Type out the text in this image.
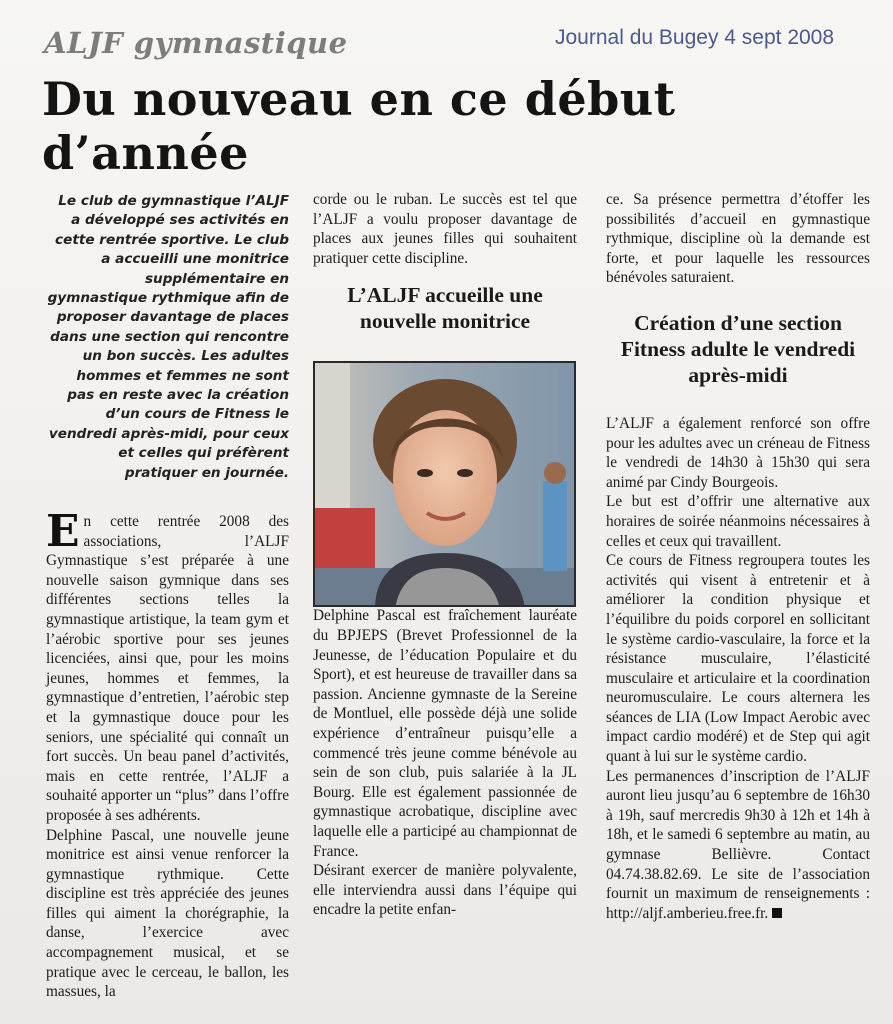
ALJF gymnastique	Journal du Bugey 4 sept 2008
Du nouveau en ce début d’année
Le club de gymnastique l’ALJF a développé ses activités en cette rentrée sportive. Le club a accueilli une monitrice supplémentaire en gymnastique rythmique afin de proposer davantage de places dans une section qui rencontre un bon succès. Les adultes hommes et femmes ne sont pas en reste avec la création d’un cours de Fitness le vendredi après-midi, pour ceux et celles qui préfèrent pratiquer en journée.

En cette rentrée 2008 des associations, l’ALJF Gymnastique s’est préparée à une nouvelle saison gymnique dans ses différentes sections telles la gymnastique artistique, la team gym et l’aérobic sportive pour ses jeunes licenciées, ainsi que, pour les moins jeunes, hommes et femmes, la gymnastique d’entretien, l’aérobic step et la gymnastique douce pour les seniors, une spécialité qui connaît un fort succès. Un beau panel d’activités, mais en cette rentrée, l’ALJF a souhaité apporter un “plus” dans l’offre proposée à ses adhérents.

Delphine Pascal, une nouvelle jeune monitrice est ainsi venue renforcer la gymnastique rythmique. Cette discipline est très appréciée des jeunes filles qui aiment la chorégraphie, la danse, l’exercice avec accompagnement musical, et se pratique avec le cerceau, le ballon, les massues, la

corde ou le ruban. Le succès est tel que l’ALJF a voulu proposer davantage de places aux jeunes filles qui souhaitent pratiquer cette discipline.

L’ALJF accueille une nouvelle monitrice

Delphine Pascal est fraîchement lauréate du BPJEPS (Brevet Professionnel de la Jeunesse, de l’éducation Populaire et du Sport), et est heureuse de travailler dans sa passion. Ancienne gymnaste de la Sereine de Montluel, elle possède déjà une solide expérience d’entraîneur puisqu’elle a commencé très jeune comme bénévole au sein de son club, puis salariée à la JL Bourg. Elle est également passionnée de gymnastique acrobatique, discipline avec laquelle elle a participé au championnat de France.

Désirant exercer de manière polyvalente, elle interviendra aussi dans l’équipe qui encadre la petite enfan-

ce. Sa présence permettra d’étoffer les possibilités d’accueil en gymnastique rythmique, discipline où la demande est forte, et pour laquelle les ressources bénévoles saturaient.

Création d’une section Fitness adulte le vendredi après-midi

L’ALJF a également renforcé son offre pour les adultes avec un créneau de Fitness le vendredi de 14h30 à 15h30 qui sera animé par Cindy Bourgeois.

Le but est d’offrir une alternative aux horaires de soirée néanmoins nécessaires à celles et ceux qui travaillent.

Ce cours de Fitness regroupera toutes les activités qui visent à entretenir et à améliorer la condition physique et l’équilibre du poids corporel en sollicitant le système cardio-vasculaire, la force et la résistance musculaire, l’élasticité musculaire et articulaire et la coordination neuromusculaire. Le cours alternera les séances de LIA (Low Impact Aerobic avec impact cardio modéré) et de Step qui agit quant à lui sur le système cardio.

Les permanences d’inscription de l’ALJF auront lieu jusqu’au 6 septembre de 16h30 à 19h, sauf mercredis 9h30 à 12h et 14h à 18h, et le samedi 6 septembre au matin, au gymnase Bellièvre. Contact 04.74.38.82.69. Le site de l’association fournit un maximum de renseignements : http://aljf.amberieu.free.fr.
